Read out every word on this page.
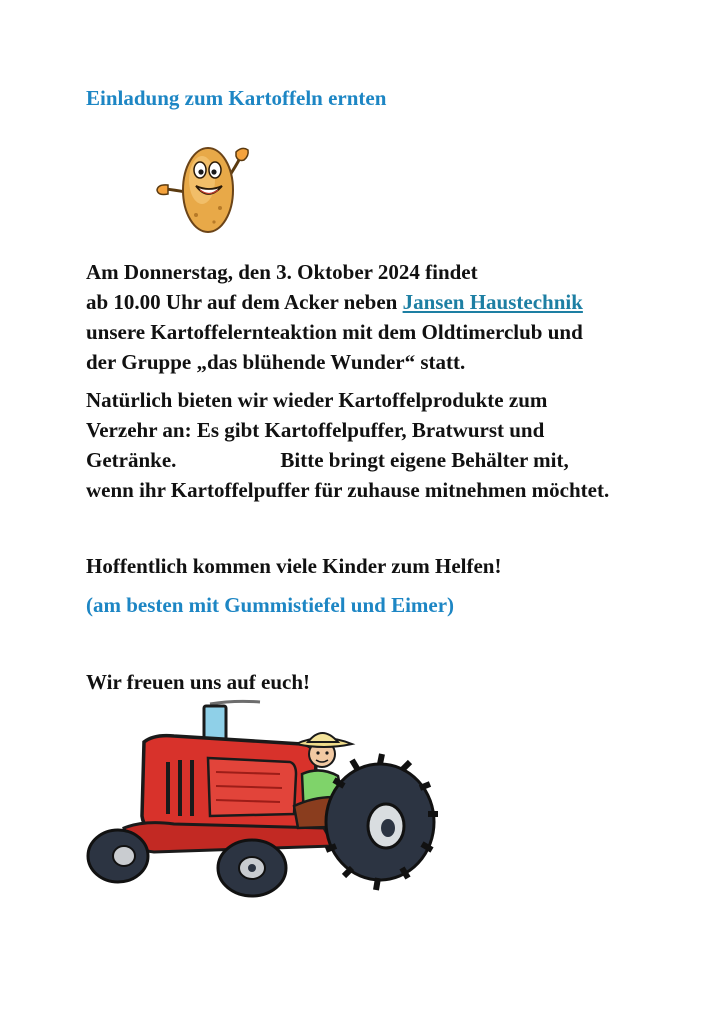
Einladung zum Kartoffeln ernten

Am Donnerstag, den 3. Oktober 2024 findet

ab 10.00 Uhr auf dem Acker neben Jansen Haustechnik

unsere Kartoffelernteaktion mit dem Oldtimerclub und

der Gruppe „das blühende Wunder“ statt.

Natürlich bieten wir wieder Kartoffelprodukte zum

Verzehr an: Es gibt Kartoffelpuffer, Bratwurst und

Getränke.	Bitte bringt eigene Behälter mit,

wenn ihr Kartoffelpuffer für zuhause mitnehmen möchtet.

Hoffentlich kommen viele Kinder zum Helfen!

(am besten mit Gummistiefel und Eimer)

Wir freuen uns auf euch!
